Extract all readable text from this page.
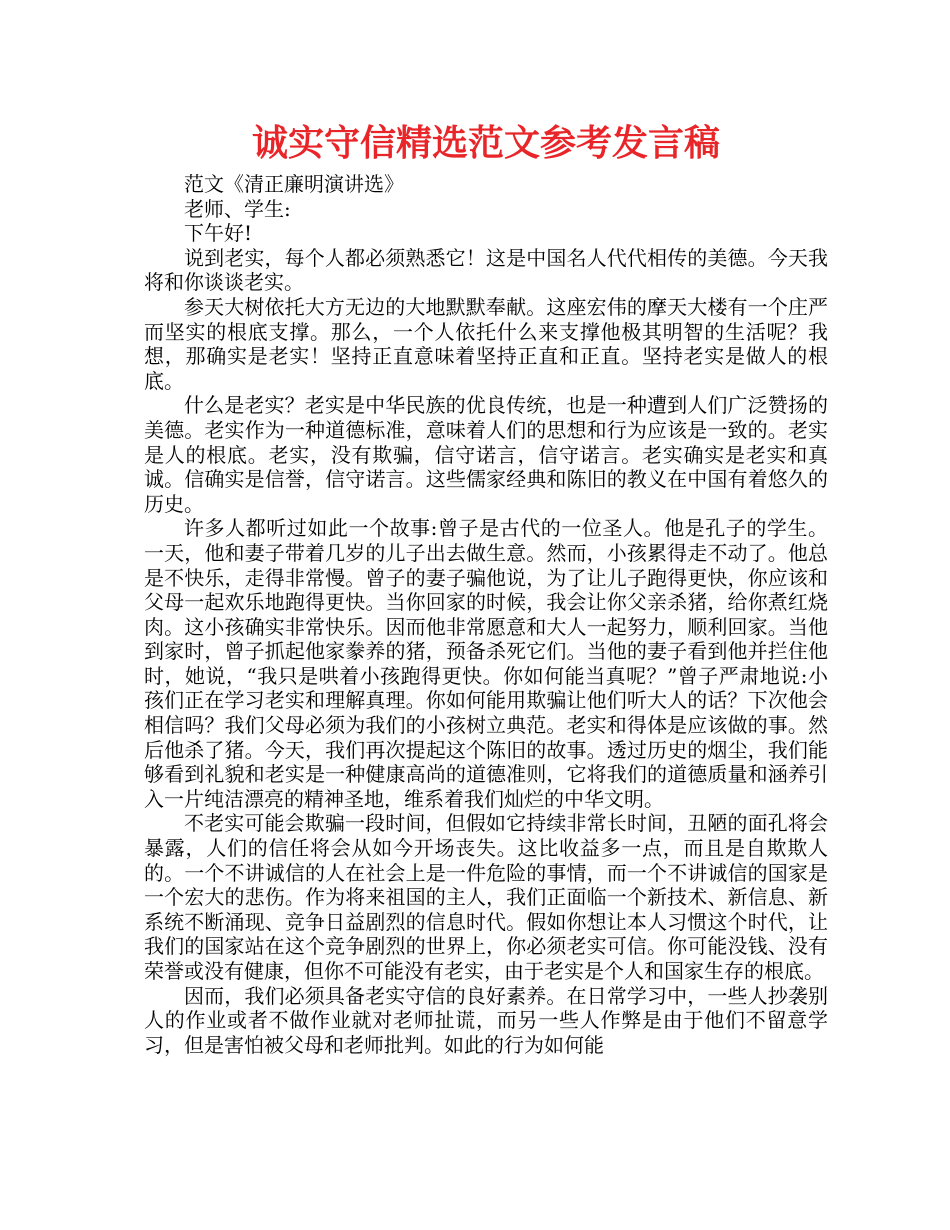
诚实守信精选范文参考发言稿

范文《清正廉明演讲选》

老师、学生:

下午好!

说到老实，每个人都必须熟悉它！这是中国名人代代相传的美德。今天我将和你谈谈老实。

参天大树依托大方无边的大地默默奉献。这座宏伟的摩天大楼有一个庄严而坚实的根底支撑。那么，一个人依托什么来支撑他极其明智的生活呢？我想，那确实是老实！坚持正直意味着坚持正直和正直。坚持老实是做人的根底。

什么是老实？老实是中华民族的优良传统，也是一种遭到人们广泛赞扬的美德。老实作为一种道德标准，意味着人们的思想和行为应该是一致的。老实是人的根底。老实，没有欺骗，信守诺言，信守诺言。老实确实是老实和真诚。信确实是信誉，信守诺言。这些儒家经典和陈旧的教义在中国有着悠久的历史。

许多人都听过如此一个故事:曾子是古代的一位圣人。他是孔子的学生。一天，他和妻子带着几岁的儿子出去做生意。然而，小孩累得走不动了。他总是不快乐，走得非常慢。曾子的妻子骗他说，为了让儿子跑得更快，你应该和父母一起欢乐地跑得更快。当你回家的时候，我会让你父亲杀猪，给你煮红烧肉。这小孩确实非常快乐。因而他非常愿意和大人一起努力，顺利回家。当他到家时，曾子抓起他家豢养的猪，预备杀死它们。当他的妻子看到他并拦住他时，她说，“我只是哄着小孩跑得更快。你如何能当真呢？”曾子严肃地说:小孩们正在学习老实和理解真理。你如何能用欺骗让他们听大人的话？下次他会相信吗？我们父母必须为我们的小孩树立典范。老实和得体是应该做的事。然后他杀了猪。今天，我们再次提起这个陈旧的故事。透过历史的烟尘，我们能够看到礼貌和老实是一种健康高尚的道德准则，它将我们的道德质量和涵养引入一片纯洁漂亮的精神圣地，维系着我们灿烂的中华文明。

不老实可能会欺骗一段时间，但假如它持续非常长时间，丑陋的面孔将会暴露，人们的信任将会从如今开场丧失。这比收益多一点，而且是自欺欺人的。一个不讲诚信的人在社会上是一件危险的事情，而一个不讲诚信的国家是一个宏大的悲伤。作为将来祖国的主人，我们正面临一个新技术、新信息、新系统不断涌现、竞争日益剧烈的信息时代。假如你想让本人习惯这个时代，让我们的国家站在这个竞争剧烈的世界上，你必须老实可信。你可能没钱、没有荣誉或没有健康，但你不可能没有老实，由于老实是个人和国家生存的根底。

因而，我们必须具备老实守信的良好素养。在日常学习中，一些人抄袭别人的作业或者不做作业就对老师扯谎，而另一些人作弊是由于他们不留意学习，但是害怕被父母和老师批判。如此的行为如何能
